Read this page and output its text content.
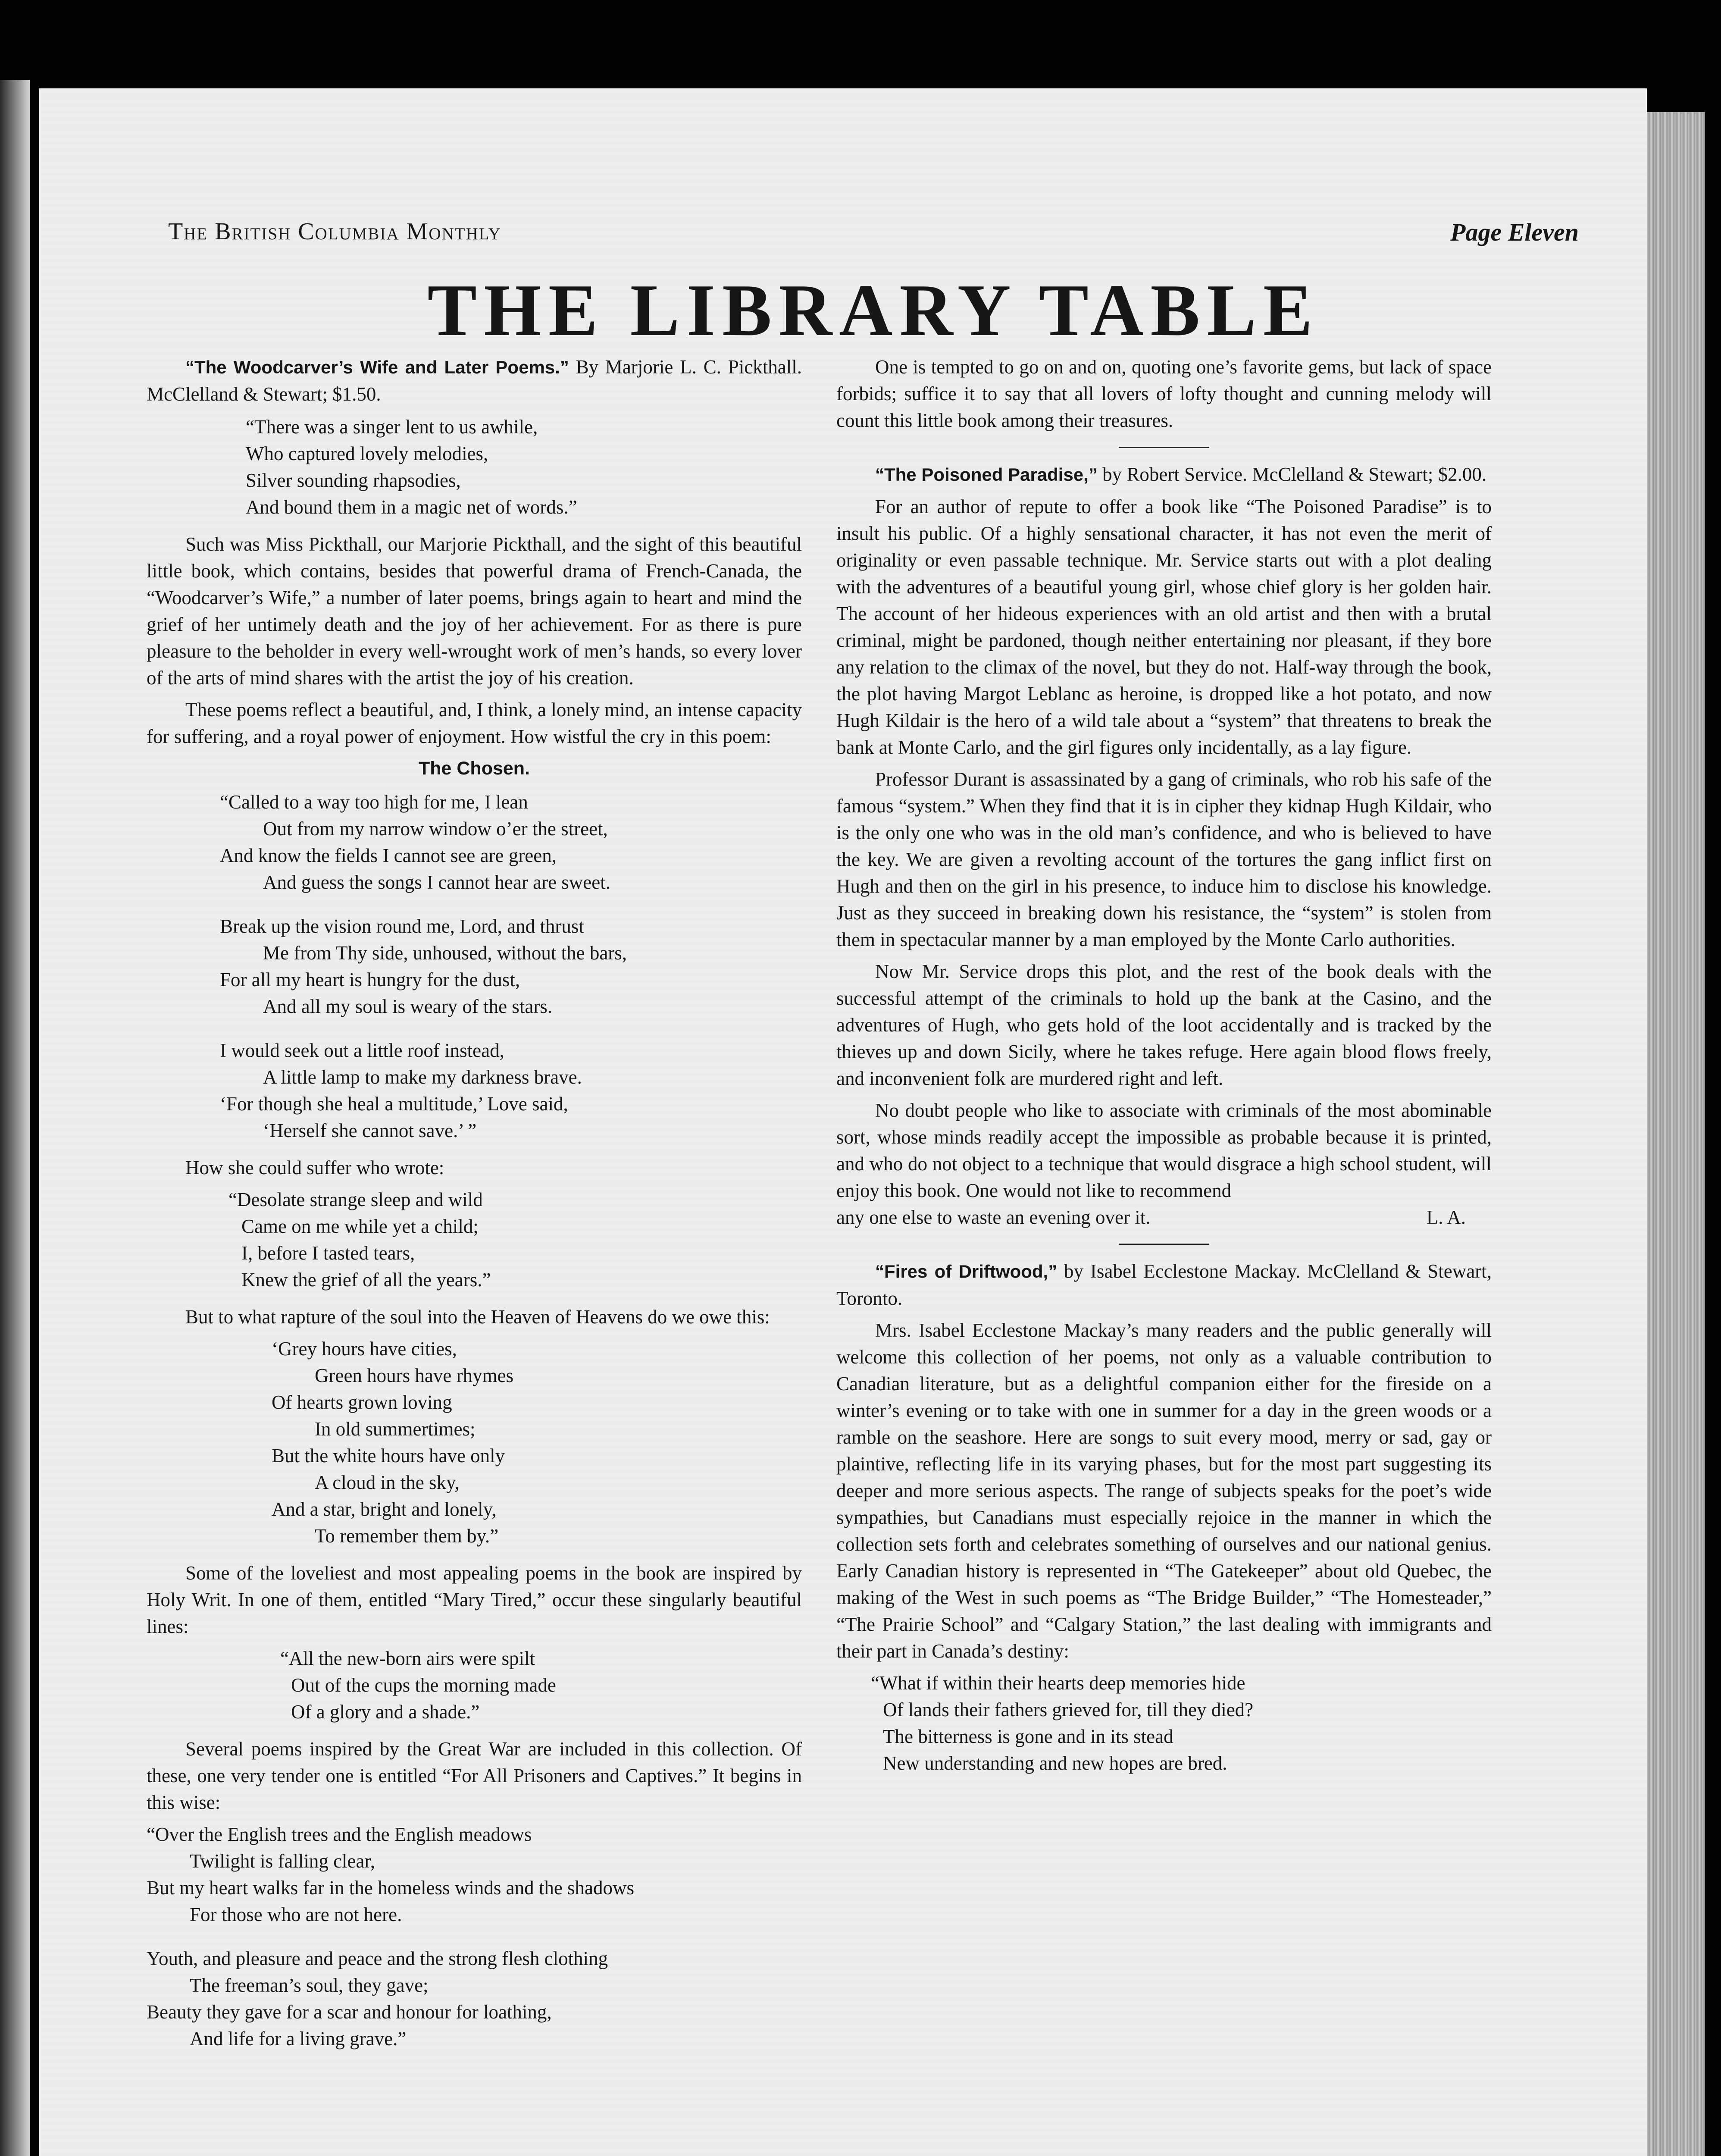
The British Columbia Monthly	Page Eleven
THE LIBRARY TABLE

“The Woodcarver’s Wife and Later Poems.” By Marjorie L. C. Pickthall. McClelland & Stewart; $1.50.

“There was a singer lent to us awhile,
Who captured lovely melodies,
Silver sounding rhapsodies,
And bound them in a magic net of words.”

Such was Miss Pickthall, our Marjorie Pickthall, and the sight of this beautiful little book, which contains, besides that powerful drama of French-Canada, the “Woodcarver’s Wife,” a number of later poems, brings again to heart and mind the grief of her untimely death and the joy of her achievement. For as there is pure pleasure to the beholder in every well-wrought work of men’s hands, so every lover of the arts of mind shares with the artist the joy of his creation.

These poems reflect a beautiful, and, I think, a lonely mind, an intense capacity for suffering, and a royal power of enjoyment. How wistful the cry in this poem:

The Chosen.
“Called to a way too high for me, I lean
Out from my narrow window o’er the street,
And know the fields I cannot see are green,
And guess the songs I cannot hear are sweet.
Break up the vision round me, Lord, and thrust
Me from Thy side, unhoused, without the bars,
For all my heart is hungry for the dust,
And all my soul is weary of the stars.
I would seek out a little roof instead,
A little lamp to make my darkness brave.
‘For though she heal a multitude,’ Love said,
‘Herself she cannot save.’ ”

How she could suffer who wrote:

“Desolate strange sleep and wild
Came on me while yet a child;
I, before I tasted tears,
Knew the grief of all the years.”

But to what rapture of the soul into the Heaven of Heavens do we owe this:

‘Grey hours have cities,
Green hours have rhymes
Of hearts grown loving
In old summertimes;
But the white hours have only
A cloud in the sky,
And a star, bright and lonely,
To remember them by.”

Some of the loveliest and most appealing poems in the book are inspired by Holy Writ. In one of them, entitled “Mary Tired,” occur these singularly beautiful lines:

“All the new-born airs were spilt
Out of the cups the morning made
Of a glory and a shade.”

Several poems inspired by the Great War are included in this collection. Of these, one very tender one is entitled “For All Prisoners and Captives.” It begins in this wise:

“Over the English trees and the English meadows
Twilight is falling clear,
But my heart walks far in the homeless winds and the shadows
For those who are not here.
Youth, and pleasure and peace and the strong flesh clothing
The freeman’s soul, they gave;
Beauty they gave for a scar and honour for loathing,
And life for a living grave.”

One is tempted to go on and on, quoting one’s favorite gems, but lack of space forbids; suffice it to say that all lovers of lofty thought and cunning melody will count this little book among their treasures.

“The Poisoned Paradise,” by Robert Service. McClelland & Stewart; $2.00.

For an author of repute to offer a book like “The Poisoned Paradise” is to insult his public. Of a highly sensational character, it has not even the merit of originality or even passable technique. Mr. Service starts out with a plot dealing with the adventures of a beautiful young girl, whose chief glory is her golden hair. The account of her hideous experiences with an old artist and then with a brutal criminal, might be pardoned, though neither entertaining nor pleasant, if they bore any relation to the climax of the novel, but they do not. Half-way through the book, the plot having Margot Leblanc as heroine, is dropped like a hot potato, and now Hugh Kildair is the hero of a wild tale about a “system” that threatens to break the bank at Monte Carlo, and the girl figures only incidentally, as a lay figure.

Professor Durant is assassinated by a gang of criminals, who rob his safe of the famous “system.” When they find that it is in cipher they kidnap Hugh Kildair, who is the only one who was in the old man’s confidence, and who is believed to have the key. We are given a revolting account of the tortures the gang inflict first on Hugh and then on the girl in his presence, to induce him to disclose his knowledge. Just as they succeed in breaking down his resistance, the “system” is stolen from them in spectacular manner by a man employed by the Monte Carlo authorities.

Now Mr. Service drops this plot, and the rest of the book deals with the successful attempt of the criminals to hold up the bank at the Casino, and the adventures of Hugh, who gets hold of the loot accidentally and is tracked by the thieves up and down Sicily, where he takes refuge. Here again blood flows freely, and inconvenient folk are murdered right and left.

No doubt people who like to associate with criminals of the most abominable sort, whose minds readily accept the impossible as probable because it is printed, and who do not object to a technique that would disgrace a high school student, will enjoy this book. One would not like to recommend

any one else to waste an evening over it.	L. A.

“Fires of Driftwood,” by Isabel Ecclestone Mackay. McClelland & Stewart, Toronto.

Mrs. Isabel Ecclestone Mackay’s many readers and the public generally will welcome this collection of her poems, not only as a valuable contribution to Canadian literature, but as a delightful companion either for the fireside on a winter’s evening or to take with one in summer for a day in the green woods or a ramble on the seashore. Here are songs to suit every mood, merry or sad, gay or plaintive, reflecting life in its varying phases, but for the most part suggesting its deeper and more serious aspects. The range of subjects speaks for the poet’s wide sympathies, but Canadians must especially rejoice in the manner in which the collection sets forth and celebrates something of ourselves and our national genius. Early Canadian history is represented in “The Gatekeeper” about old Quebec, the making of the West in such poems as “The Bridge Builder,” “The Homesteader,” “The Prairie School” and “Calgary Station,” the last dealing with immigrants and their part in Canada’s destiny:

“What if within their hearts deep memories hide
Of lands their fathers grieved for, till they died?
The bitterness is gone and in its stead
New understanding and new hopes are bred.
